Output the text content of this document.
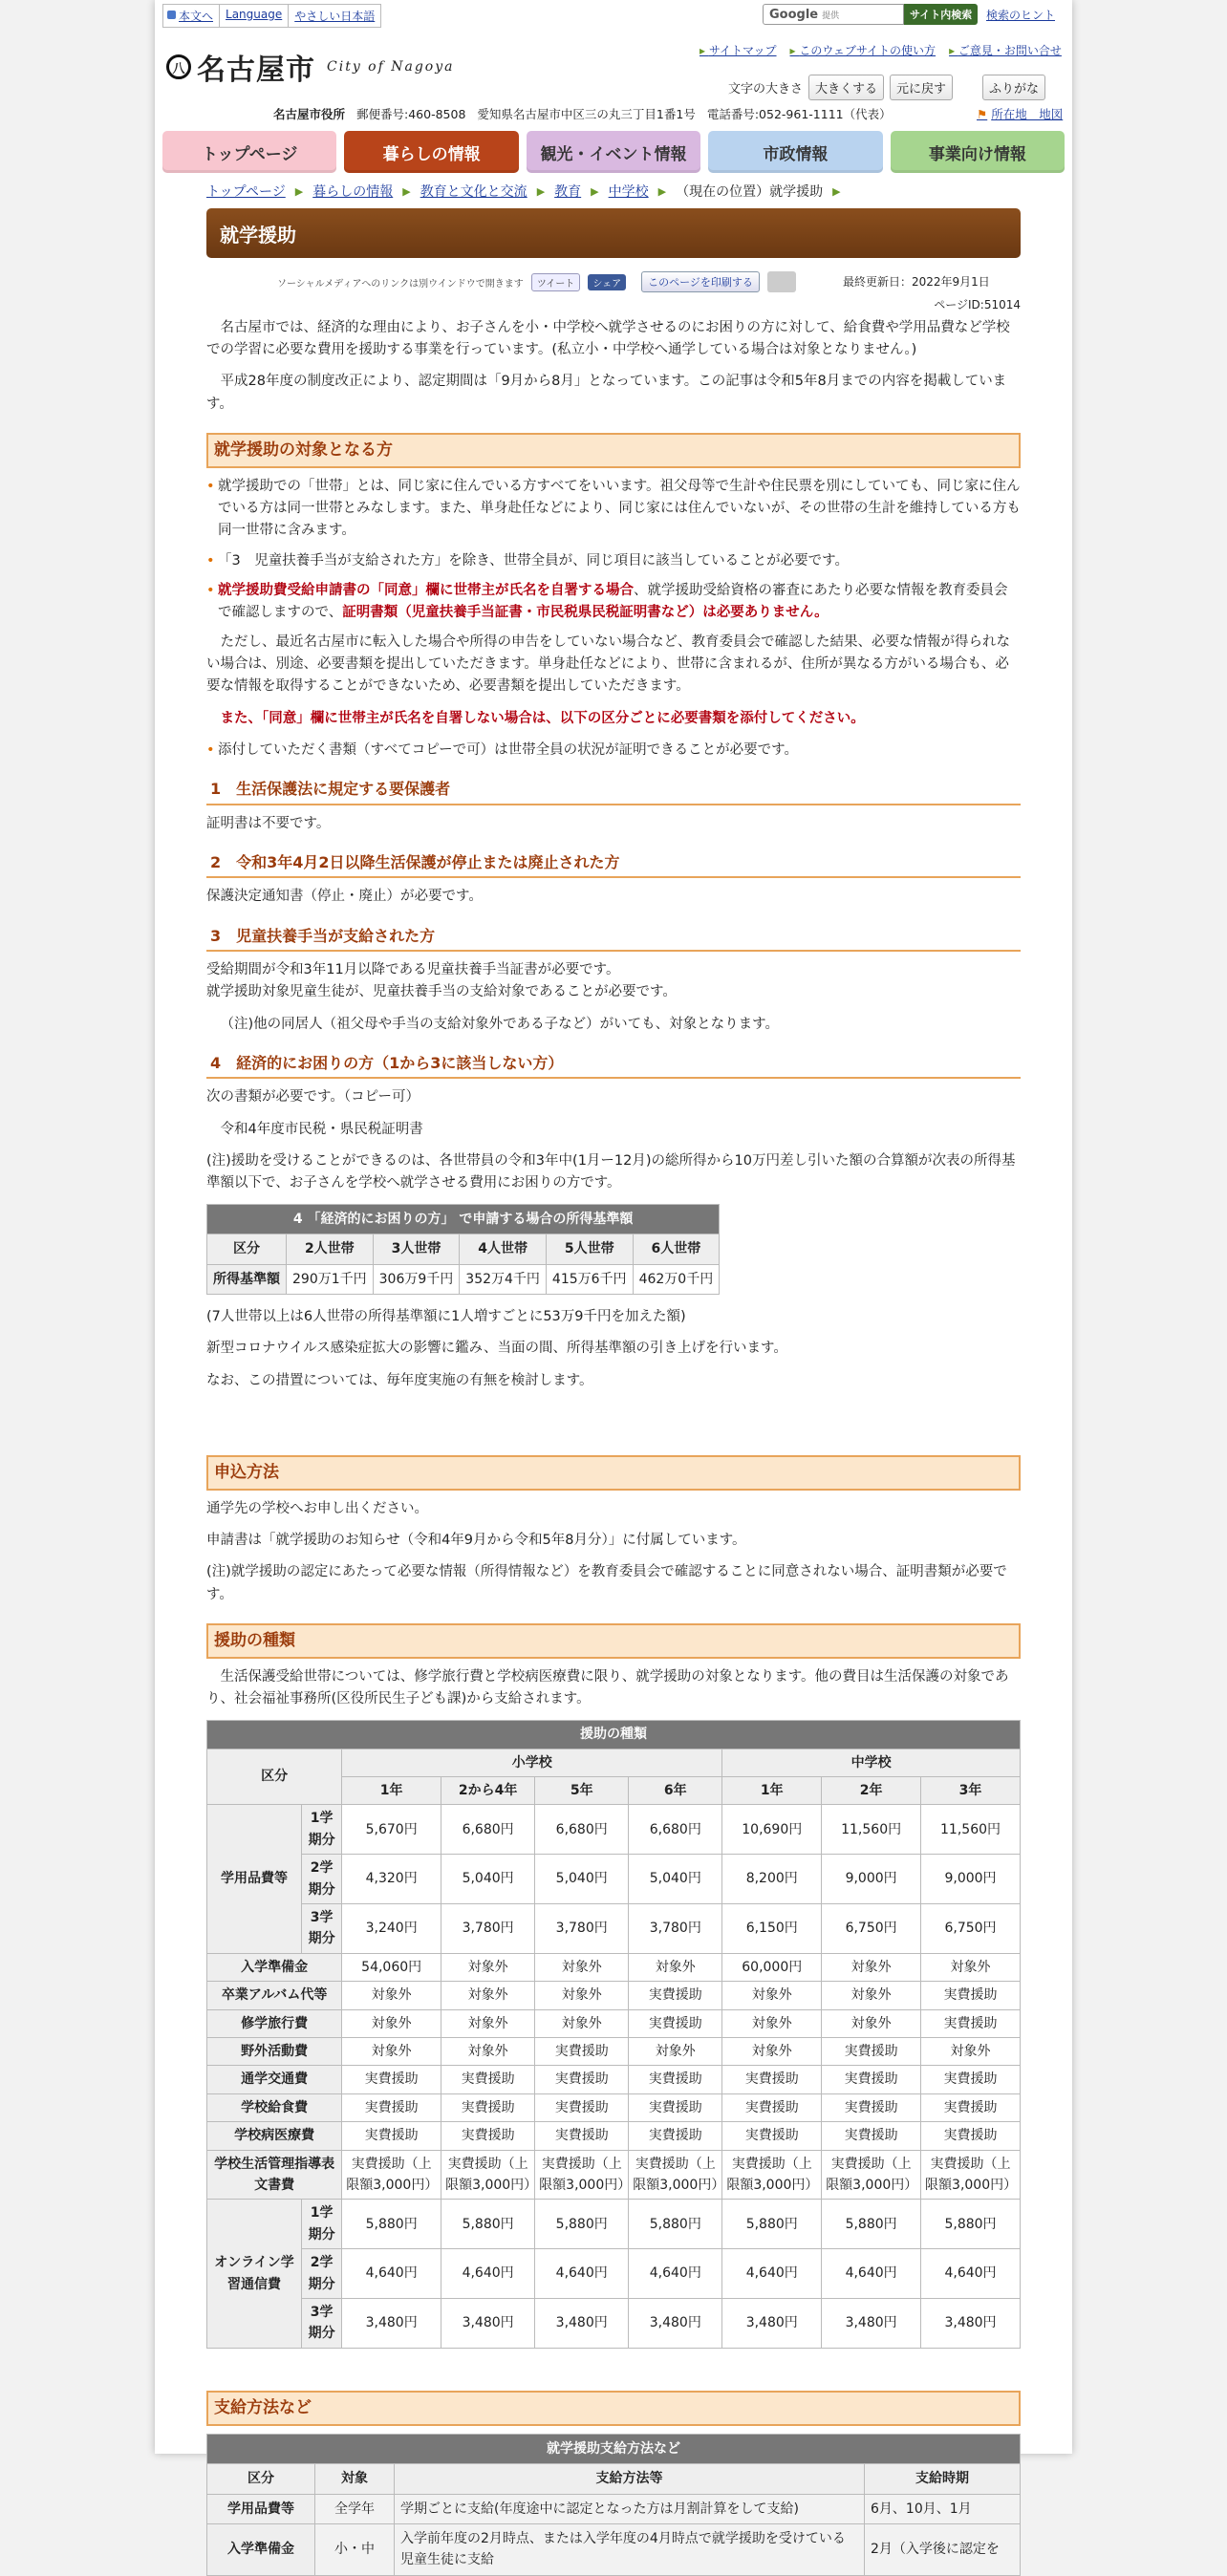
本文へ	Language	やさしい日本語	Google 提供	サイト内検索	検索のヒント
八 名古屋市 City of Nagoya
▸ サイトマップ	▸ このウェブサイトの使い方	▸ ご意見・お問い合せ
文字の大きさ	大きくする	元に戻す	ふりがな
名古屋市役所 郵便番号:460-8508 愛知県名古屋市中区三の丸三丁目1番1号 電話番号:052-961-1111（代表）	⚑ 所在地　地図
トップページ	暮らしの情報	観光・イベント情報	市政情報	事業向け情報
トップページ ▶ 暮らしの情報 ▶ 教育と文化と交流 ▶ 教育 ▶ 中学校 ▶ （現在の位置）就学援助 ▶
就学援助
ソーシャルメディアへのリンクは別ウインドウで開きます	ツイート	シェア	このページを印刷する	最終更新日：2022年9月1日
ページID:51014

名古屋市では、経済的な理由により、お子さんを小・中学校へ就学させるのにお困りの方に対して、給食費や学用品費など学校での学習に必要な費用を援助する事業を行っています。(私立小・中学校へ通学している場合は対象となりません。)

平成28年度の制度改正により、認定期間は「9月から8月」となっています。この記事は令和5年8月までの内容を掲載しています。

就学援助の対象となる方
• 就学援助での「世帯」とは、同じ家に住んでいる方すべてをいいます。祖父母等で生計や住民票を別にしていても、同じ家に住んでいる方は同一世帯とみなします。また、単身赴任などにより、同じ家には住んでいないが、その世帯の生計を維持している方も同一世帯に含みます。
• 「3　児童扶養手当が支給された方」を除き、世帯全員が、同じ項目に該当していることが必要です。
• 就学援助費受給申請書の「同意」欄に世帯主が氏名を自署する場合、就学援助受給資格の審査にあたり必要な情報を教育委員会で確認しますので、証明書類（児童扶養手当証書・市民税県民税証明書など）は必要ありません。

ただし、最近名古屋市に転入した場合や所得の申告をしていない場合など、教育委員会で確認した結果、必要な情報が得られない場合は、別途、必要書類を提出していただきます。単身赴任などにより、世帯に含まれるが、住所が異なる方がいる場合も、必要な情報を取得することができないため、必要書類を提出していただきます。

また、「同意」欄に世帯主が氏名を自署しない場合は、以下の区分ごとに必要書類を添付してください。

• 添付していただく書類（すべてコピーで可）は世帯全員の状況が証明できることが必要です。
1　生活保護法に規定する要保護者

証明書は不要です。

2　令和3年4月2日以降生活保護が停止または廃止された方

保護決定通知書（停止・廃止）が必要です。

3　児童扶養手当が支給された方
受給期間が令和3年11月以降である児童扶養手当証書が必要です。

就学援助対象児童生徒が、児童扶養手当の支給対象であることが必要です。

（注)他の同居人（祖父母や手当の支給対象外である子など）がいても、対象となります。

4　経済的にお困りの方（1から3に該当しない方）

次の書類が必要です。（コピー可）

令和4年度市民税・県民税証明書

(注)援助を受けることができるのは、各世帯員の令和3年中(1月ー12月)の総所得から10万円差し引いた額の合算額が次表の所得基準額以下で、お子さんを学校へ就学させる費用にお困りの方です。

4 「経済的にお困りの方」 で申請する場合の所得基準額					
区分	2人世帯	3人世帯	4人世帯	5人世帯	6人世帯
所得基準額	290万1千円	306万9千円	352万4千円	415万6千円	462万0千円

(7人世帯以上は6人世帯の所得基準額に1人増すごとに53万9千円を加えた額)

新型コロナウイルス感染症拡大の影響に鑑み、当面の間、所得基準額の引き上げを行います。

なお、この措置については、毎年度実施の有無を検討します。

申込方法

通学先の学校へお申し出ください。

申請書は「就学援助のお知らせ（令和4年9月から令和5年8月分）」に付属しています。

(注)就学援助の認定にあたって必要な情報（所得情報など）を教育委員会で確認することに同意されない場合、証明書類が必要です。

援助の種類

生活保護受給世帯については、修学旅行費と学校病医療費に限り、就学援助の対象となります。他の費目は生活保護の対象であり、社会福祉事務所(区役所民生子ども課)から支給されます。

援助の種類								
区分		小学校				中学校		
		1年	2から4年	5年	6年	1年	2年	3年
学用品費等	1学期分	5,670円	6,680円	6,680円	6,680円	10,690円	11,560円	11,560円
	2学期分	4,320円	5,040円	5,040円	5,040円	8,200円	9,000円	9,000円
	3学期分	3,240円	3,780円	3,780円	3,780円	6,150円	6,750円	6,750円
入学準備金		54,060円	対象外	対象外	対象外	60,000円	対象外	対象外
卒業アルバム代等		対象外	対象外	対象外	実費援助	対象外	対象外	実費援助
修学旅行費		対象外	対象外	対象外	実費援助	対象外	対象外	実費援助
野外活動費		対象外	対象外	実費援助	対象外	対象外	実費援助	対象外
通学交通費		実費援助	実費援助	実費援助	実費援助	実費援助	実費援助	実費援助
学校給食費		実費援助	実費援助	実費援助	実費援助	実費援助	実費援助	実費援助
学校病医療費		実費援助	実費援助	実費援助	実費援助	実費援助	実費援助	実費援助
学校生活管理指導表文書費		実費援助（上限額3,000円）	実費援助（上限額3,000円）	実費援助（上限額3,000円）	実費援助（上限額3,000円）	実費援助（上限額3,000円）	実費援助（上限額3,000円）	実費援助（上限額3,000円）
オンライン学習通信費	1学期分	5,880円	5,880円	5,880円	5,880円	5,880円	5,880円	5,880円
	2学期分	4,640円	4,640円	4,640円	4,640円	4,640円	4,640円	4,640円
	3学期分	3,480円	3,480円	3,480円	3,480円	3,480円	3,480円	3,480円
支給方法など
就学援助支給方法など			
区分	対象	支給方法等	支給時期
学用品費等	全学年	学期ごとに支給(年度途中に認定となった方は月割計算をして支給)	6月、10月、1月
入学準備金	小・中	入学前年度の2月時点、または入学年度の4月時点で就学援助を受けている児童生徒に支給	2月（入学後に認定を
